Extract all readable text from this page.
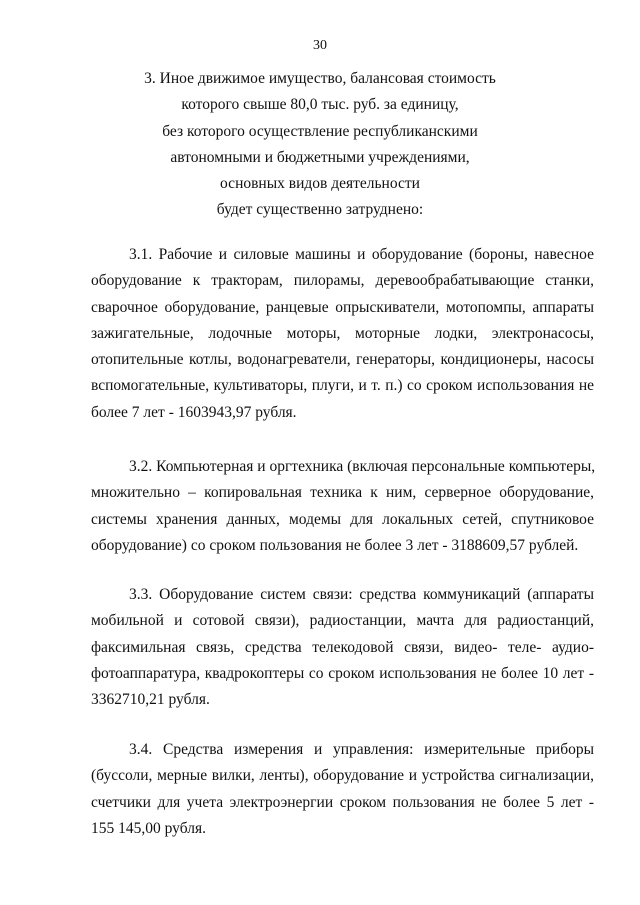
30
3. Иное движимое имущество, балансовая стоимость
которого свыше 80,0 тыс. руб. за единицу,
без которого осуществление республиканскими
автономными и бюджетными учреждениями,
основных видов деятельности
будет существенно затруднено:
3.1. Рабочие и силовые машины и оборудование (бороны, навесное
оборудование к тракторам, пилорамы, деревообрабатывающие станки,
сварочное оборудование, ранцевые опрыскиватели, мотопомпы, аппараты
зажигательные, лодочные моторы, моторные лодки, электронасосы,
отопительные котлы, водонагреватели, генераторы, кондиционеры, насосы
вспомогательные, культиваторы, плуги, и т. п.) со сроком использования не
более 7 лет - 1603943,97 рубля.
3.2. Компьютерная и оргтехника (включая персональные компьютеры,
множительно – копировальная техника к ним, серверное оборудование,
системы хранения данных, модемы для локальных сетей, спутниковое
оборудование) со сроком пользования не более 3 лет - 3188609,57 рублей.
3.3. Оборудование систем связи: средства коммуникаций (аппараты
мобильной и сотовой связи), радиостанции, мачта для радиостанций,
факсимильная связь, средства телекодовой связи, видео- теле- аудио-
фотоаппаратура, квадрокоптеры со сроком использования не более 10 лет -
3362710,21 рубля.
3.4. Средства измерения и управления: измерительные приборы
(буссоли, мерные вилки, ленты), оборудование и устройства сигнализации,
счетчики для учета электроэнергии сроком пользования не более 5 лет -
155 145,00 рубля.
